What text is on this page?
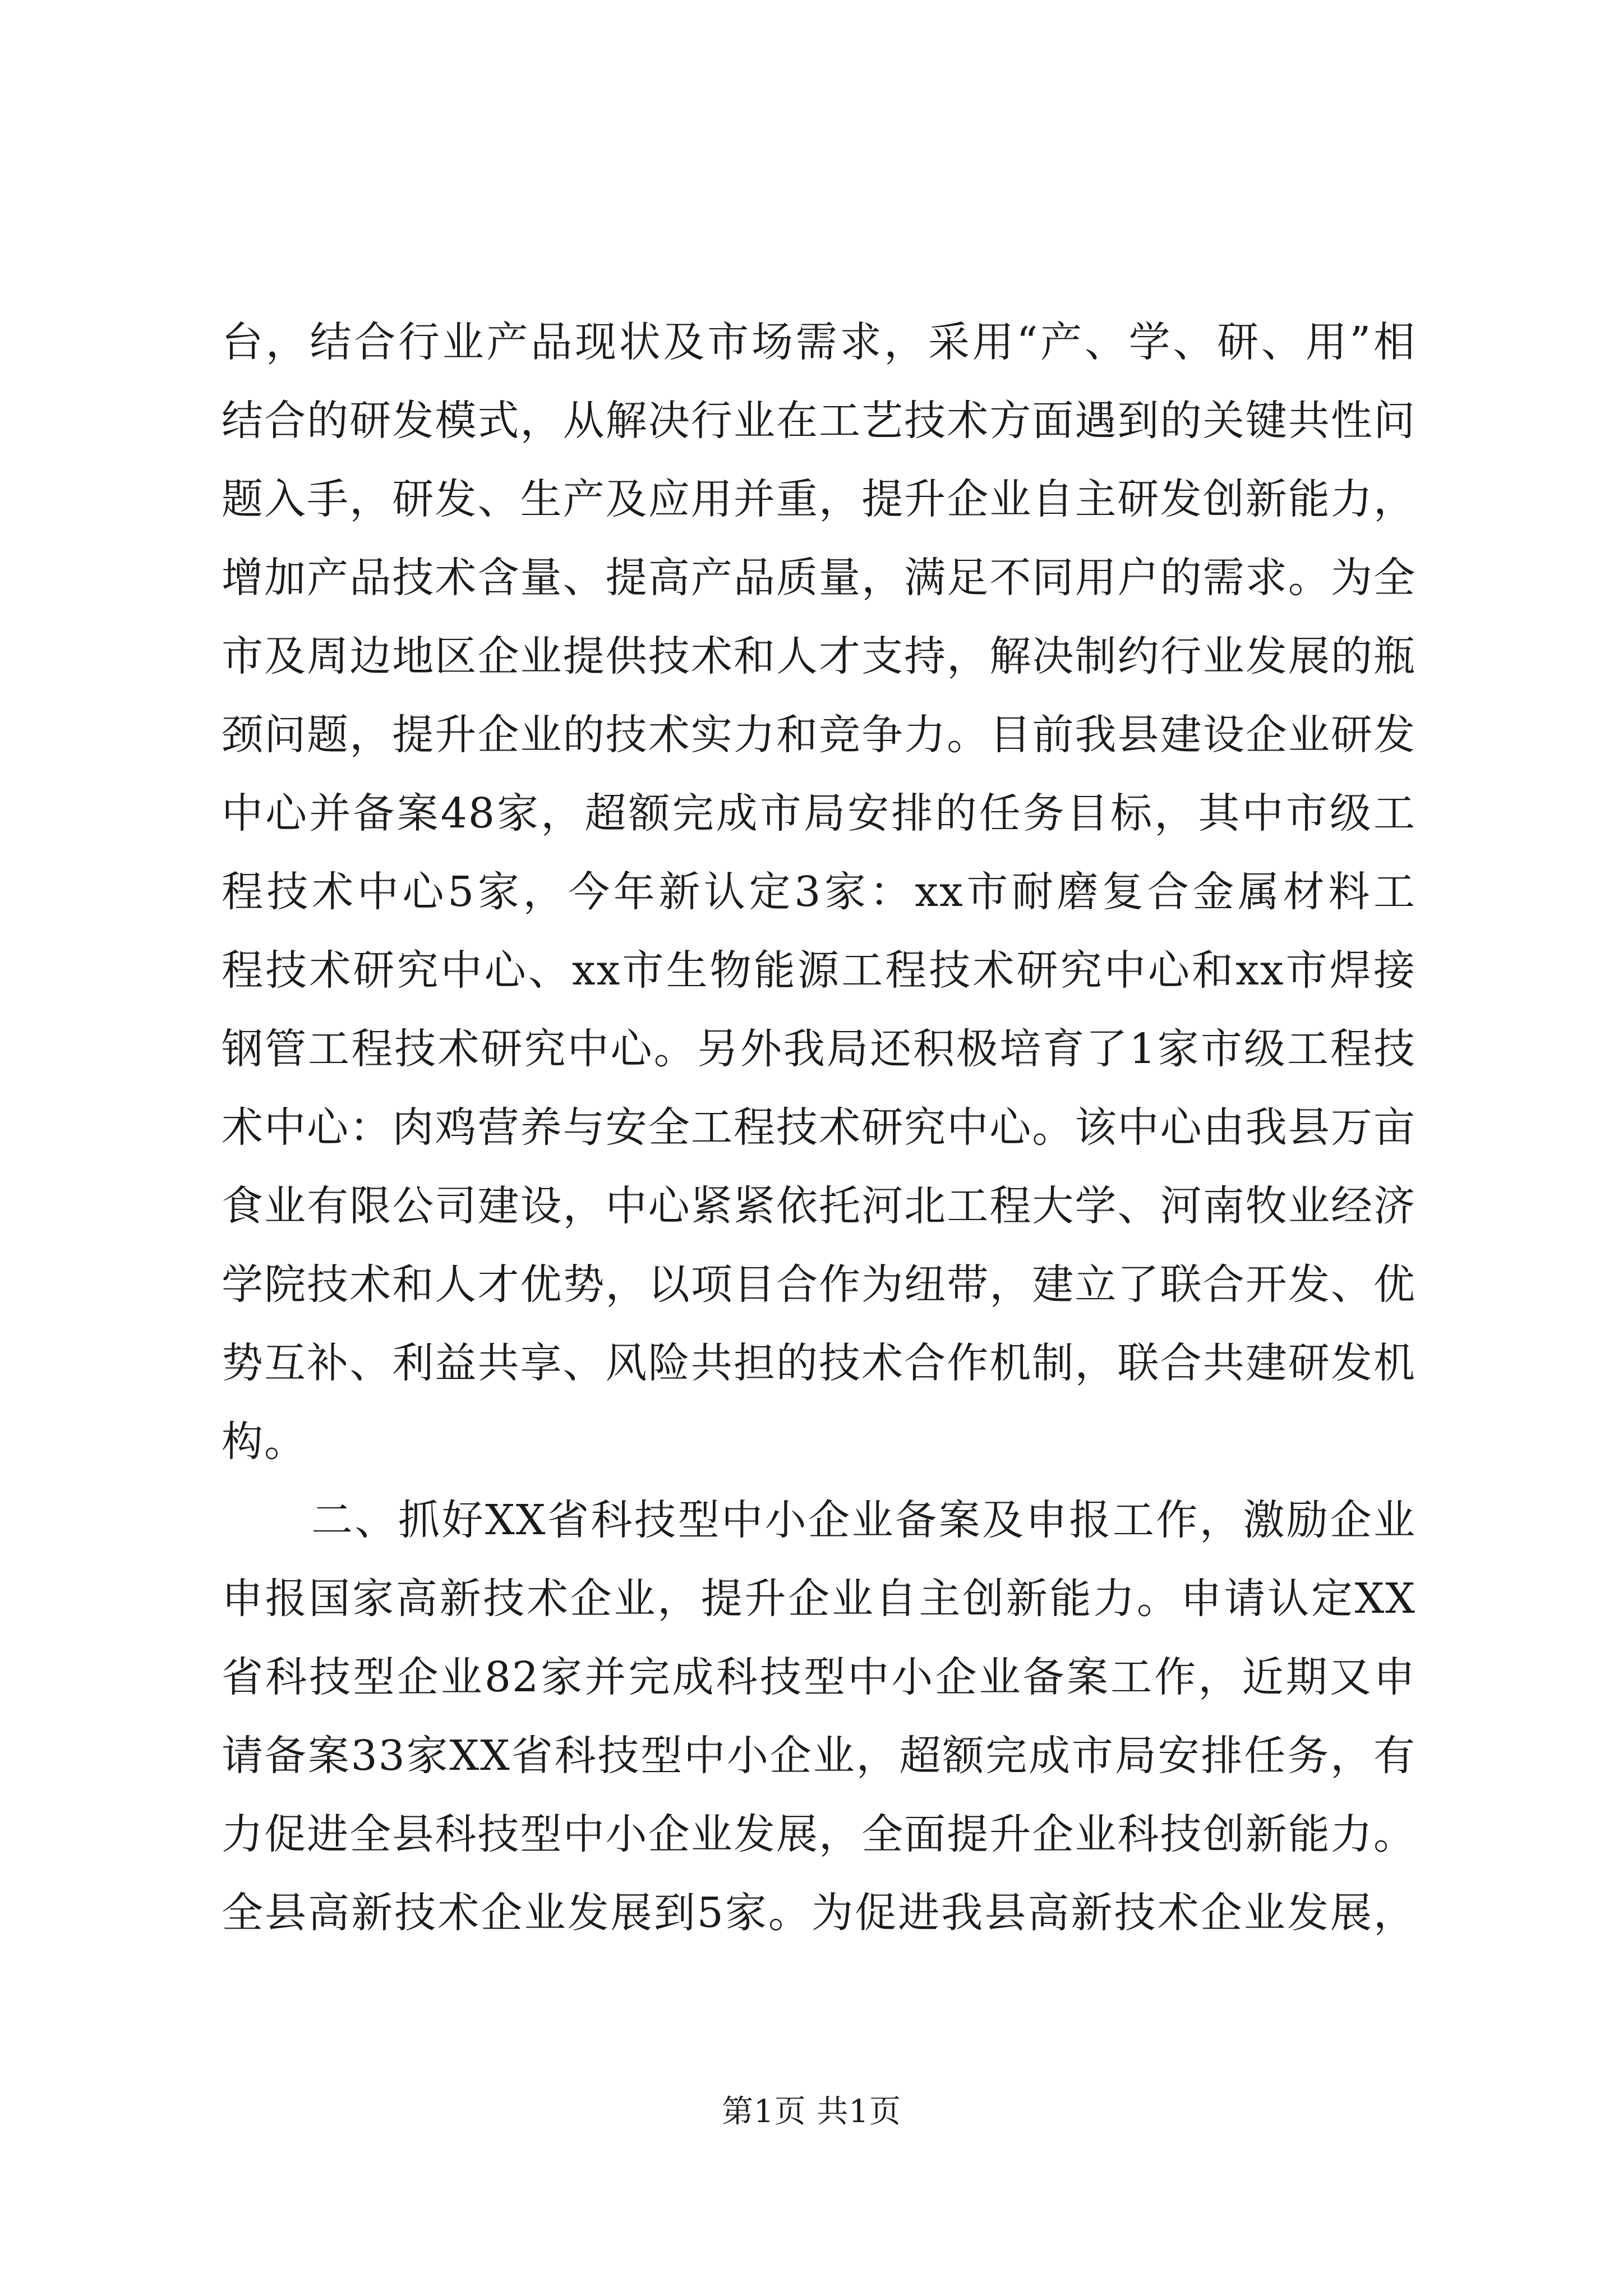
台，结合行业产品现状及市场需求，采用“产、学、研、用”相
结合的研发模式，从解决行业在工艺技术方面遇到的关键共性问
题入手，研发、生产及应用并重，提升企业自主研发创新能力，
增加产品技术含量、提高产品质量，满足不同用户的需求。为全
市及周边地区企业提供技术和人才支持，解决制约行业发展的瓶
颈问题，提升企业的技术实力和竞争力。目前我县建设企业研发
中心并备案48家，超额完成市局安排的任务目标，其中市级工
程技术中心5家，今年新认定3家：xx市耐磨复合金属材料工
程技术研究中心、xx市生物能源工程技术研究中心和xx市焊接
钢管工程技术研究中心。另外我局还积极培育了1家市级工程技
术中心：肉鸡营养与安全工程技术研究中心。该中心由我县万亩
食业有限公司建设，中心紧紧依托河北工程大学、河南牧业经济
学院技术和人才优势，以项目合作为纽带，建立了联合开发、优
势互补、利益共享、风险共担的技术合作机制，联合共建研发机
构。
二、抓好XX省科技型中小企业备案及申报工作，激励企业
申报国家高新技术企业，提升企业自主创新能力。申请认定XX
省科技型企业82家并完成科技型中小企业备案工作，近期又申
请备案33家XX省科技型中小企业，超额完成市局安排任务，有
力促进全县科技型中小企业发展，全面提升企业科技创新能力。
全县高新技术企业发展到5家。为促进我县高新技术企业发展，
第1页 共1页
